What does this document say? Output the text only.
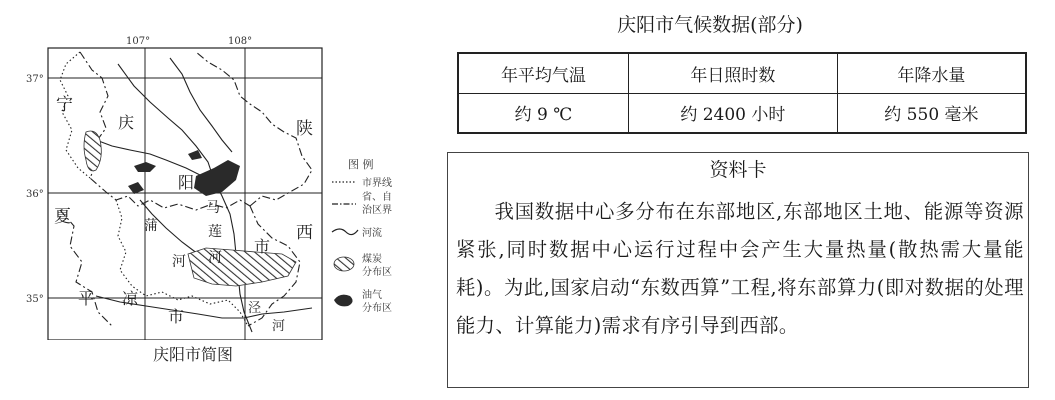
107°	108°
37°
36°
35°
宁
夏
陕
西
庆
阳
马
莲
河
市
蒲
河
平 凉
市	泾
河
图 例
市界线
省、自
治区界
河流
煤炭
分布区
油气
分布区
庆阳市简图
庆阳市气候数据(部分)
年平均气温	年日照时数	年降水量
约 9 ℃	约 2400 小时	约 550 毫米
资料卡

我国数据中心多分布在东部地区,东部地区土地、能源等资源紧张,同时数据中心运行过程中会产生大量热量(散热需大量能耗)。为此,国家启动“东数西算”工程,将东部算力(即对数据的处理能力、计算能力)需求有序引导到西部。
